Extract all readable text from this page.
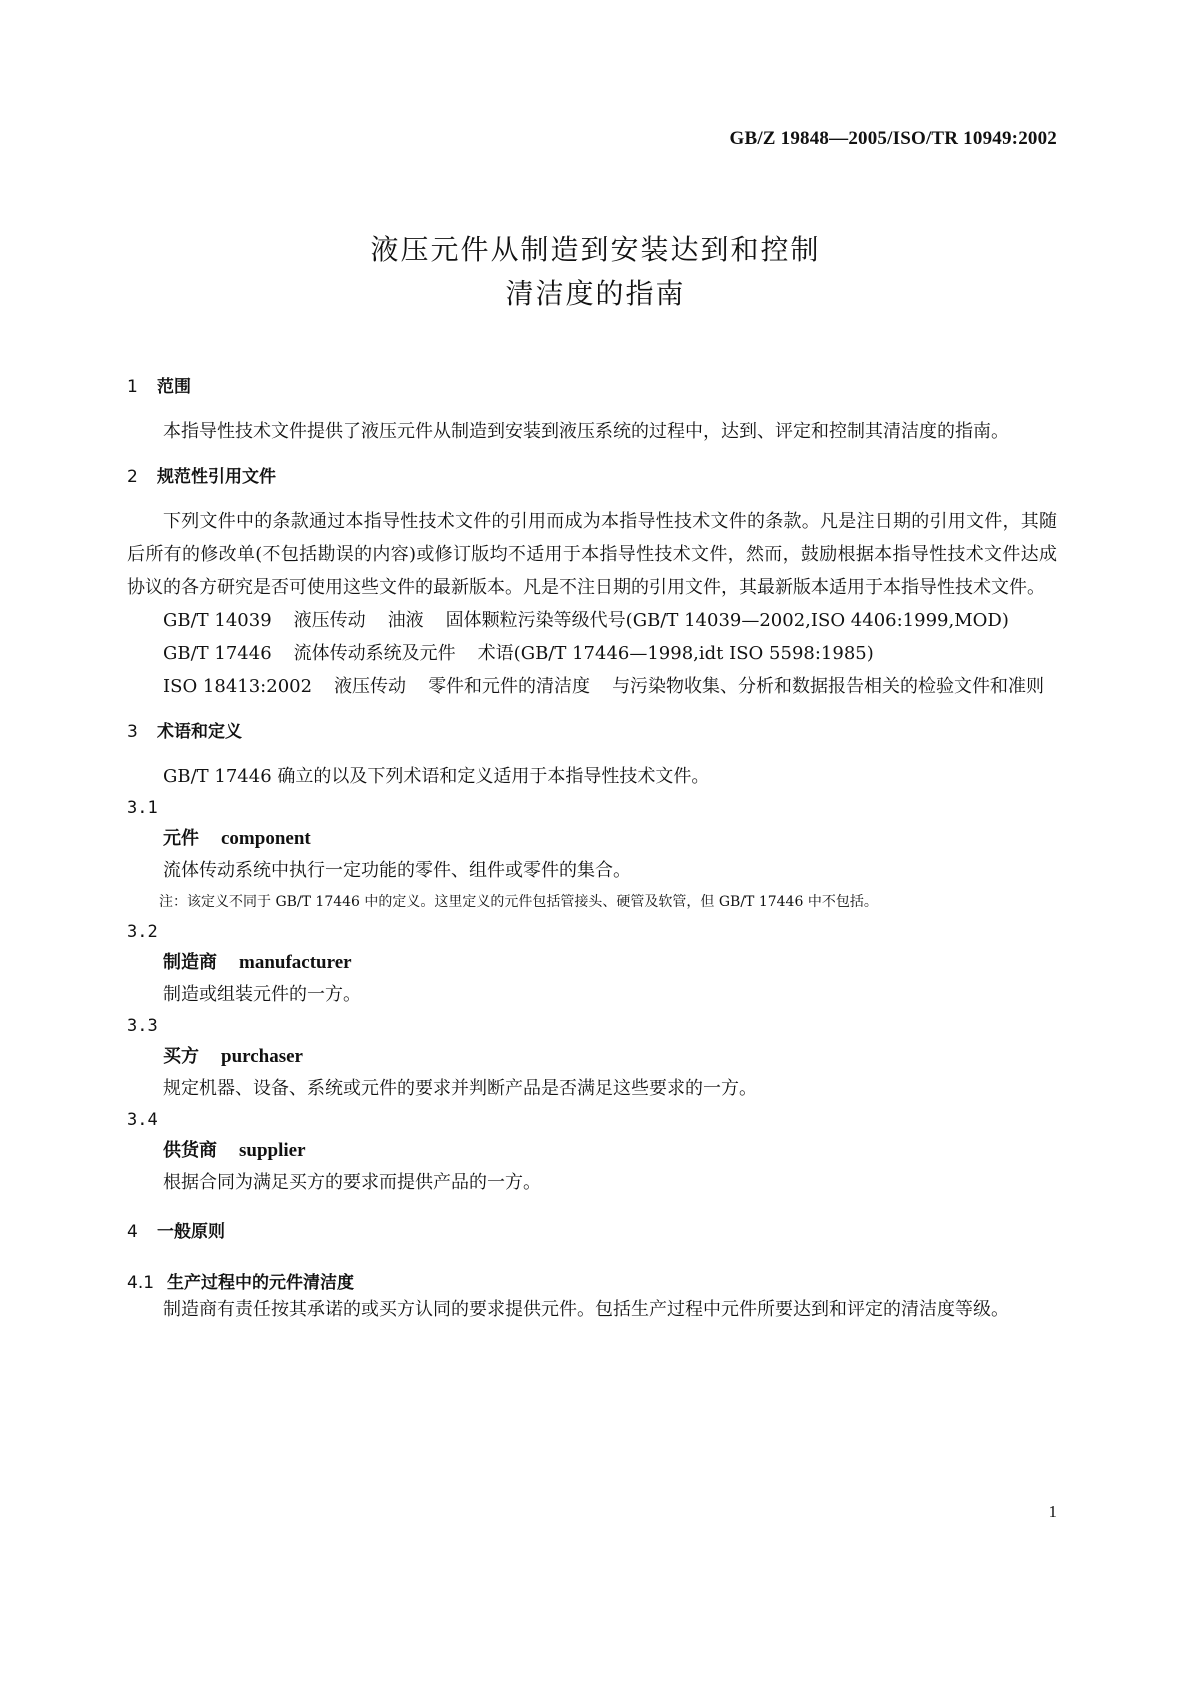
GB/Z 19848—2005/ISO/TR 10949:2002
液压元件从制造到安装达到和控制
清洁度的指南

1 范围

本指导性技术文件提供了液压元件从制造到安装到液压系统的过程中，达到、评定和控制其清洁度的指南。

2 规范性引用文件

下列文件中的条款通过本指导性技术文件的引用而成为本指导性技术文件的条款。凡是注日期的引用文件，其随后所有的修改单(不包括勘误的内容)或修订版均不适用于本指导性技术文件，然而，鼓励根据本指导性技术文件达成协议的各方研究是否可使用这些文件的最新版本。凡是不注日期的引用文件，其最新版本适用于本指导性技术文件。

GB/T 14039 液压传动 油液 固体颗粒污染等级代号(GB/T 14039—2002,ISO 4406:1999,MOD)

GB/T 17446 流体传动系统及元件 术语(GB/T 17446—1998,idt ISO 5598:1985)

ISO 18413:2002 液压传动 零件和元件的清洁度 与污染物收集、分析和数据报告相关的检验文件和准则

3 术语和定义

GB/T 17446 确立的以及下列术语和定义适用于本指导性技术文件。

3.1

元件 component

流体传动系统中执行一定功能的零件、组件或零件的集合。

注：该定义不同于 GB/T 17446 中的定义。这里定义的元件包括管接头、硬管及软管，但 GB/T 17446 中不包括。

3.2

制造商 manufacturer

制造或组装元件的一方。

3.3

买方 purchaser

规定机器、设备、系统或元件的要求并判断产品是否满足这些要求的一方。

3.4

供货商 supplier

根据合同为满足买方的要求而提供产品的一方。

4 一般原则

4.1 生产过程中的元件清洁度

制造商有责任按其承诺的或买方认同的要求提供元件。包括生产过程中元件所要达到和评定的清洁度等级。

1
